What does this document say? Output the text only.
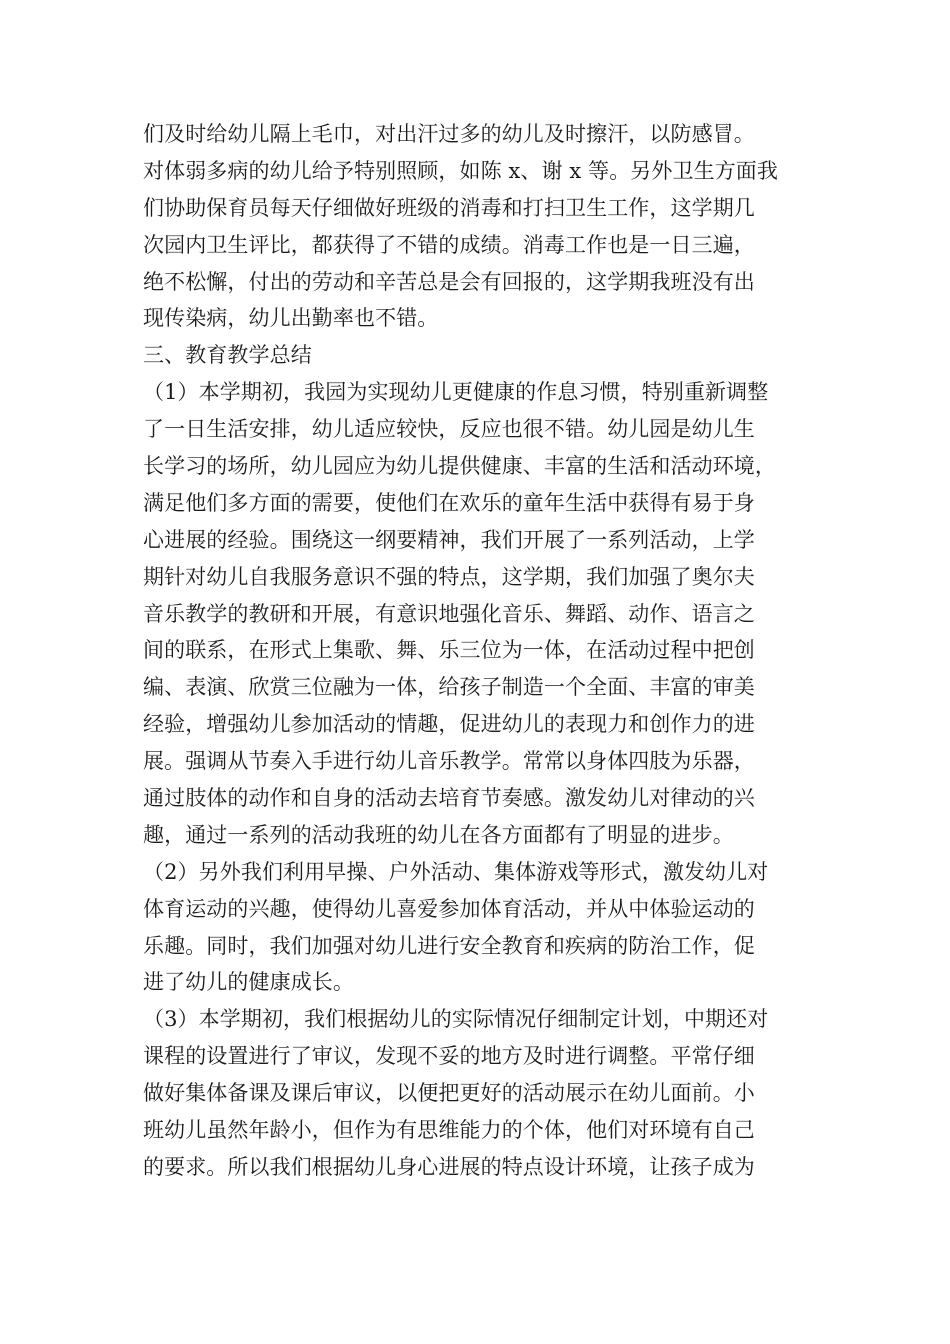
们及时给幼儿隔上毛巾，对出汗过多的幼儿及时擦汗，以防感冒。
对体弱多病的幼儿给予特别照顾，如陈 x、谢 x 等。另外卫生方面我
们协助保育员每天仔细做好班级的消毒和打扫卫生工作，这学期几
次园内卫生评比，都获得了不错的成绩。消毒工作也是一日三遍，
绝不松懈，付出的劳动和辛苦总是会有回报的，这学期我班没有出
现传染病，幼儿出勤率也不错。
三、教育教学总结
（1）本学期初，我园为实现幼儿更健康的作息习惯，特别重新调整
了一日生活安排，幼儿适应较快，反应也很不错。幼儿园是幼儿生
长学习的场所，幼儿园应为幼儿提供健康、丰富的生活和活动环境，
满足他们多方面的需要，使他们在欢乐的童年生活中获得有易于身
心进展的经验。围绕这一纲要精神，我们开展了一系列活动，上学
期针对幼儿自我服务意识不强的特点，这学期，我们加强了奥尔夫
音乐教学的教研和开展，有意识地强化音乐、舞蹈、动作、语言之
间的联系，在形式上集歌、舞、乐三位为一体，在活动过程中把创
编、表演、欣赏三位融为一体，给孩子制造一个全面、丰富的审美
经验，增强幼儿参加活动的情趣，促进幼儿的表现力和创作力的进
展。强调从节奏入手进行幼儿音乐教学。常常以身体四肢为乐器，
通过肢体的动作和自身的活动去培育节奏感。激发幼儿对律动的兴
趣，通过一系列的活动我班的幼儿在各方面都有了明显的进步。
（2）另外我们利用早操、户外活动、集体游戏等形式，激发幼儿对
体育运动的兴趣，使得幼儿喜爱参加体育活动，并从中体验运动的
乐趣。同时，我们加强对幼儿进行安全教育和疾病的防治工作，促
进了幼儿的健康成长。
（3）本学期初，我们根据幼儿的实际情况仔细制定计划，中期还对
课程的设置进行了审议，发现不妥的地方及时进行调整。平常仔细
做好集体备课及课后审议，以便把更好的活动展示在幼儿面前。小
班幼儿虽然年龄小，但作为有思维能力的个体，他们对环境有自己
的要求。所以我们根据幼儿身心进展的特点设计环境，让孩子成为
